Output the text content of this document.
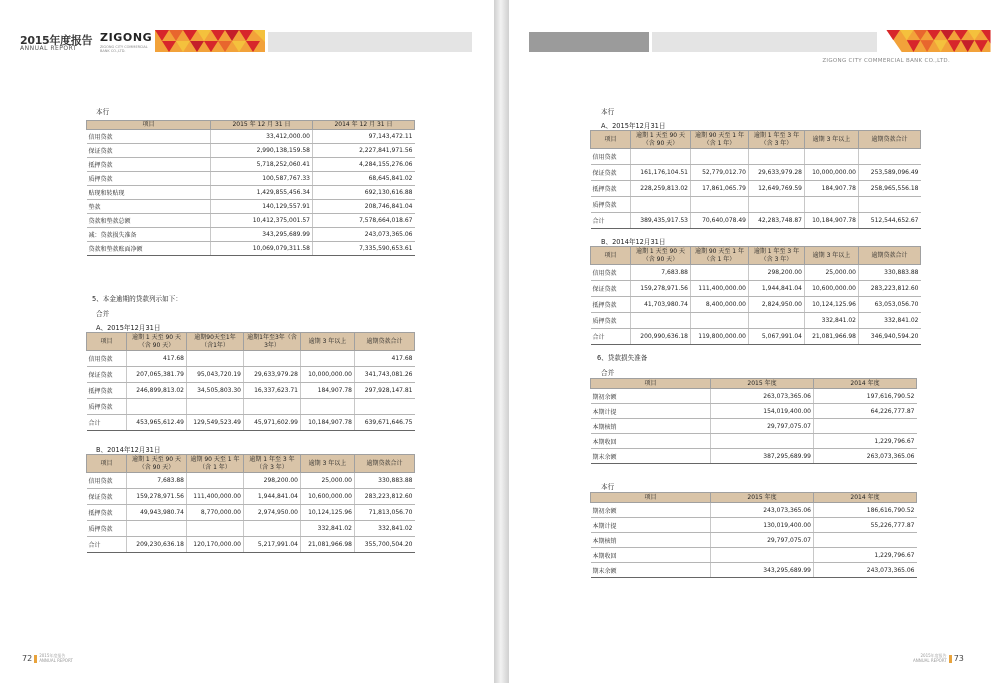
2015年度报告
ANNUAL REPORT
ZIGONG
ZIGONG CITY COMMERCIAL BANK CO.,LTD.
本行
项目	2015 年 12 月 31 日	2014 年 12 月 31 日
信用贷款	33,412,000.00	97,143,472.11
保证贷款	2,990,138,159.58	2,227,841,971.56
抵押贷款	5,718,252,060.41	4,284,155,276.06
质押贷款	100,587,767.33	68,645,841.02
贴现和转贴现	1,429,855,456.34	692,130,616.88
垫款	140,129,557.91	208,746,841.04
贷款和垫款总额	10,412,375,001.57	7,578,664,018.67
减：贷款损失准备	343,295,689.99	243,073,365.06
贷款和垫款账面净额	10,069,079,311.58	7,335,590,653.61
5、本金逾期的贷款列示如下：
合并
A、2015年12月31日
项目	逾期 1 天至 90 天（含 90 天）	逾期90天至1年（含1年）	逾期1年至3年（含3年）	逾期 3 年以上	逾期贷款合计
信用贷款	417.68				417.68
保证贷款	207,065,381.79	95,043,720.19	29,633,979.28	10,000,000.00	341,743,081.26
抵押贷款	246,899,813.02	34,505,803.30	16,337,623.71	184,907.78	297,928,147.81
质押贷款					
合计	453,965,612.49	129,549,523.49	45,971,602.99	10,184,907.78	639,671,646.75
B、2014年12月31日
项目	逾期 1 天至 90 天（含 90 天）	逾期 90 天至 1 年（含 1 年）	逾期 1 年至 3 年（含 3 年）	逾期 3 年以上	逾期贷款合计
信用贷款	7,683.88		298,200.00	25,000.00	330,883.88
保证贷款	159,278,971.56	111,400,000.00	1,944,841.04	10,600,000.00	283,223,812.60
抵押贷款	49,943,980.74	8,770,000.00	2,974,950.00	10,124,125.96	71,813,056.70
质押贷款				332,841.02	332,841.02
合计	209,230,636.18	120,170,000.00	5,217,991.04	21,081,966.98	355,700,504.20
72 2015年度报告
ANNUAL REPORT
ZIGONG CITY COMMERCIAL BANK CO.,LTD.
本行
A、2015年12月31日
项目	逾期 1 天至 90 天（含 90 天）	逾期 90 天至 1 年（含 1 年）	逾期 1 年至 3 年（含 3 年）	逾期 3 年以上	逾期贷款合计
信用贷款					
保证贷款	161,176,104.51	52,779,012.70	29,633,979.28	10,000,000.00	253,589,096.49
抵押贷款	228,259,813.02	17,861,065.79	12,649,769.59	184,907.78	258,965,556.18
质押贷款					
合计	389,435,917.53	70,640,078.49	42,283,748.87	10,184,907.78	512,544,652.67
B、2014年12月31日
项目	逾期 1 天至 90 天（含 90 天）	逾期 90 天至 1 年（含 1 年）	逾期 1 年至 3 年（含 3 年）	逾期 3 年以上	逾期贷款合计
信用贷款	7,683.88		298,200.00	25,000.00	330,883.88
保证贷款	159,278,971.56	111,400,000.00	1,944,841.04	10,600,000.00	283,223,812.60
抵押贷款	41,703,980.74	8,400,000.00	2,824,950.00	10,124,125.96	63,053,056.70
质押贷款				332,841.02	332,841.02
合计	200,990,636.18	119,800,000.00	5,067,991.04	21,081,966.98	346,940,594.20
6、贷款损失准备
合并
项目	2015 年度	2014 年度
期初余额	263,073,365.06	197,616,790.52
本期计提	154,019,400.00	64,226,777.87
本期核销	29,797,075.07	
本期收回		1,229,796.67
期末余额	387,295,689.99	263,073,365.06
本行
项目	2015 年度	2014 年度
期初余额	243,073,365.06	186,616,790.52
本期计提	130,019,400.00	55,226,777.87
本期核销	29,797,075.07	
本期收回		1,229,796.67
期末余额	343,295,689.99	243,073,365.06
2015年度报告
ANNUAL REPORT 73
